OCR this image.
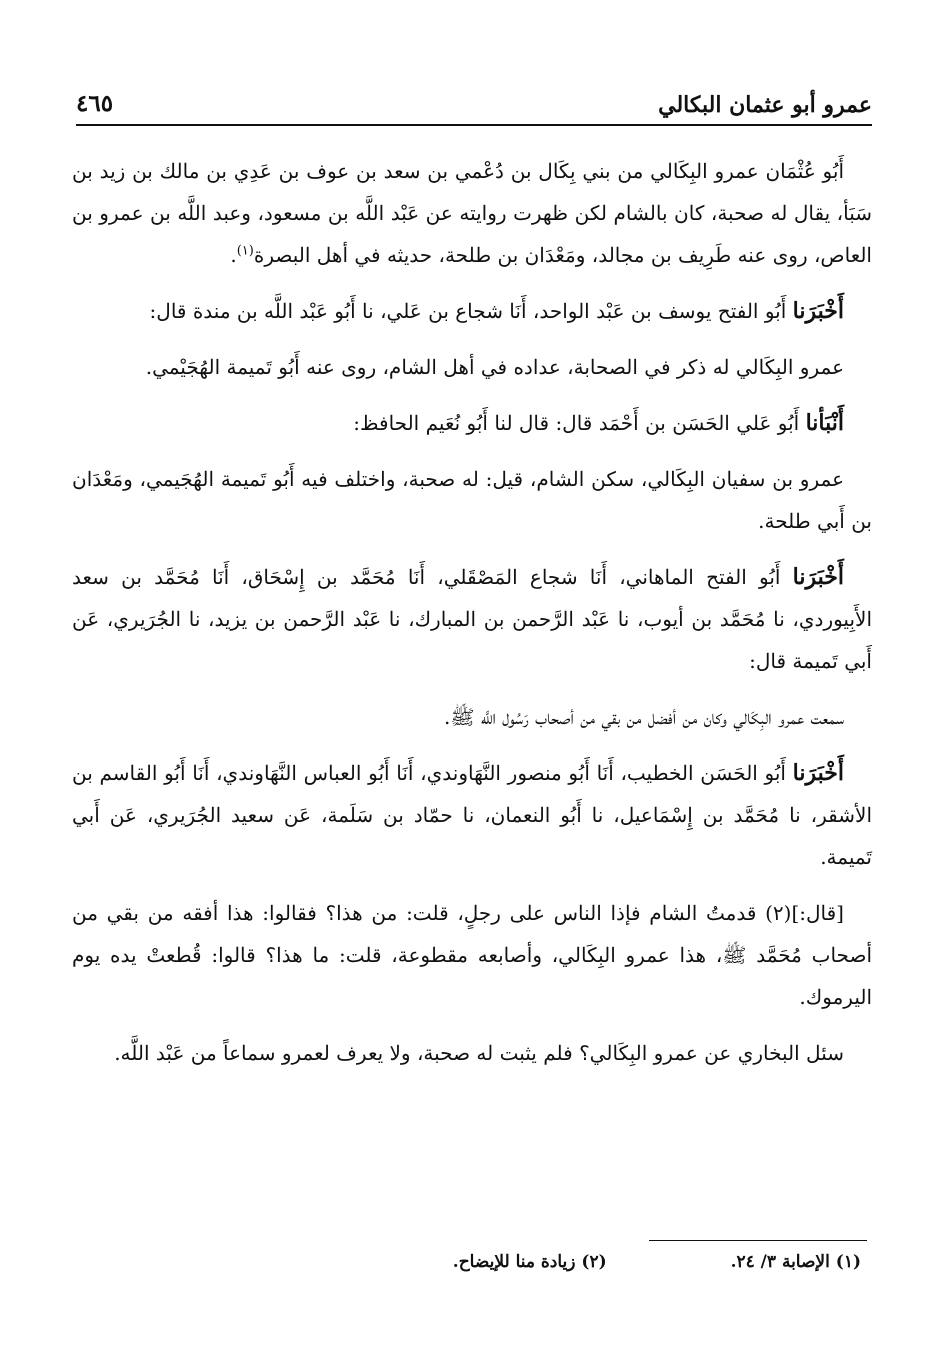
عمرو أبو عثمان البكالي
٤٦٥

أَبُو عُثْمَان عمرو البِكَالي من بني بِكَال بن دُعْمي بن سعد بن عوف بن عَدِي بن مالك بن زيد بن سَبَأ، يقال له صحبة، كان بالشام لكن ظهرت روايته عن عَبْد اللَّه بن مسعود، وعبد اللَّه بن عمرو بن العاص، روى عنه طَرِيف بن مجالد، ومَعْدَان بن طلحة، حديثه في أهل البصرة$^{(١)}$.

أَخْبَرَنا أَبُو الفتح يوسف بن عَبْد الواحد، أَنَا شجاع بن عَلي، نا أَبُو عَبْد اللَّه بن مندة قال:

عمرو البِكَالي له ذكر في الصحابة، عداده في أهل الشام، روى عنه أَبُو تَميمة الهُجَيْمي.

أَنْبَأنا أَبُو عَلي الحَسَن بن أَحْمَد قال: قال لنا أَبُو نُعَيم الحافظ:

عمرو بن سفيان البِكَالي، سكن الشام، قيل: له صحبة، واختلف فيه أَبُو تَميمة الهُجَيمي، ومَعْدَان بن أَبي طلحة.

أَخْبَرَنا أَبُو الفتح الماهاني، أَنَا شجاع المَصْقَلي، أَنَا مُحَمَّد بن إِسْحَاق، أَنَا مُحَمَّد بن سعد الأَبِيوردي، نا مُحَمَّد بن أيوب، نا عَبْد الرَّحمن بن المبارك، نا عَبْد الرَّحمن بن يزيد، نا الجُرَيري، عَن أَبي تَميمة قال:

سمعت عمرو البِكَالي وكان من أفضل من بقي من أصحاب رَسُول اللَّه ﷺ.

أَخْبَرَنا أَبُو الحَسَن الخطيب، أَنَا أَبُو منصور النَّهَاوندي، أَنَا أَبُو العباس النَّهَاوندي، أَنَا أَبُو القاسم بن الأشقر، نا مُحَمَّد بن إِسْمَاعيل، نا أَبُو النعمان، نا حمّاد بن سَلَمة، عَن سعيد الجُرَيري، عَن أَبي تَميمة.

[قال:](٢) قدمتُ الشام فإذا الناس على رجلٍ، قلت: من هذا؟ فقالوا: هذا أفقه من بقي من أصحاب مُحَمَّد ﷺ، هذا عمرو البِكَالي، وأصابعه مقطوعة، قلت: ما هذا؟ قالوا: قُطعتْ يده يوم اليرموك.

سئل البخاري عن عمرو البِكَالي؟ فلم يثبت له صحبة، ولا يعرف لعمرو سماعاً من عَبْد اللَّه.

(١) الإصابة ٣/ ٢٤. (٢) زيادة منا للإيضاح.
